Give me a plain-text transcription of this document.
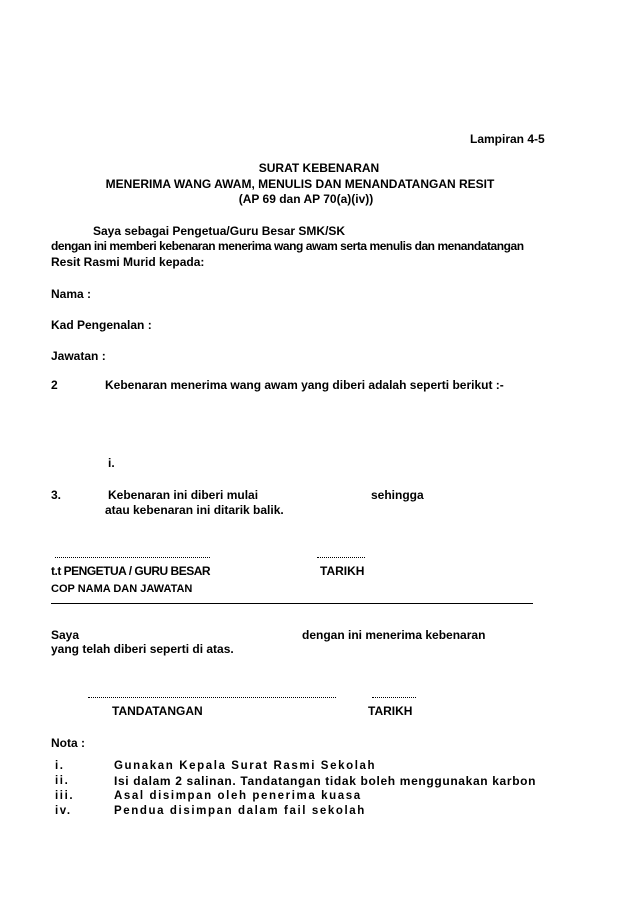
Lampiran 4-5
SURAT KEBENARAN
MENERIMA WANG AWAM, MENULIS DAN MENANDATANGAN RESIT
(AP 69 dan AP 70(a)(iv))
Saya sebagai Pengetua/Guru Besar SMK/SK
dengan ini memberi kebenaran menerima wang awam serta menulis dan menandatangan
Resit Rasmi Murid kepada:
Nama :
Kad Pengenalan :
Jawatan :
2	Kebenaran menerima wang awam yang diberi adalah seperti berikut :-
i.
3.	Kebenaran ini diberi mulai	sehingga
atau kebenaran ini ditarik balik.
t.t PENGETUA / GURU BESAR	TARIKH
COP NAMA DAN JAWATAN
Saya	dengan ini menerima kebenaran
yang telah diberi seperti di atas.
TANDATANGAN	TARIKH
Nota :
i.	Gunakan Kepala Surat Rasmi Sekolah
ii.	Isi dalam 2 salinan. Tandatangan tidak boleh menggunakan karbon
iii.	Asal disimpan oleh penerima kuasa
iv.	Pendua disimpan dalam fail sekolah
